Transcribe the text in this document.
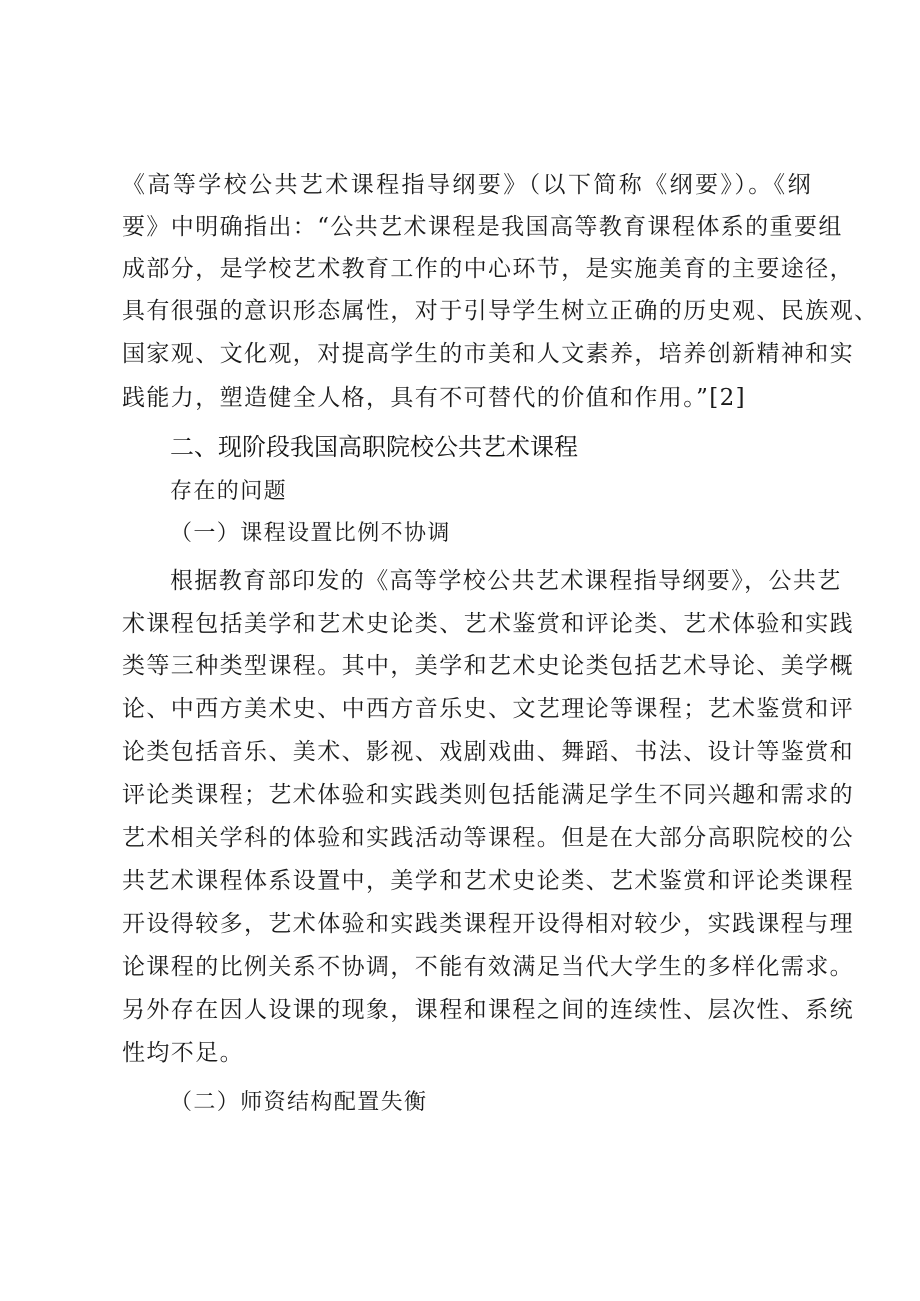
《高等学校公共艺术课程指导纲要》（以下简称《纲要》）。《纲
要》中明确指出：“公共艺术课程是我国高等教育课程体系的重要组
成部分，是学校艺术教育工作的中心环节，是实施美育的主要途径，
具有很强的意识形态属性，对于引导学生树立正确的历史观、民族观、
国家观、文化观，对提高学生的市美和人文素养，培养创新精神和实
践能力，塑造健全人格，具有不可替代的价值和作用。”[2]
二、现阶段我国高职院校公共艺术课程
存在的问题
（一）课程设置比例不协调
根据教育部印发的《高等学校公共艺术课程指导纲要》，公共艺
术课程包括美学和艺术史论类、艺术鉴赏和评论类、艺术体验和实践
类等三种类型课程。其中，美学和艺术史论类包括艺术导论、美学概
论、中西方美术史、中西方音乐史、文艺理论等课程；艺术鉴赏和评
论类包括音乐、美术、影视、戏剧戏曲、舞蹈、书法、设计等鉴赏和
评论类课程；艺术体验和实践类则包括能满足学生不同兴趣和需求的
艺术相关学科的体验和实践活动等课程。但是在大部分高职院校的公
共艺术课程体系设置中，美学和艺术史论类、艺术鉴赏和评论类课程
开设得较多，艺术体验和实践类课程开设得相对较少，实践课程与理
论课程的比例关系不协调，不能有效满足当代大学生的多样化需求。
另外存在因人设课的现象，课程和课程之间的连续性、层次性、系统
性均不足。
（二）师资结构配置失衡
